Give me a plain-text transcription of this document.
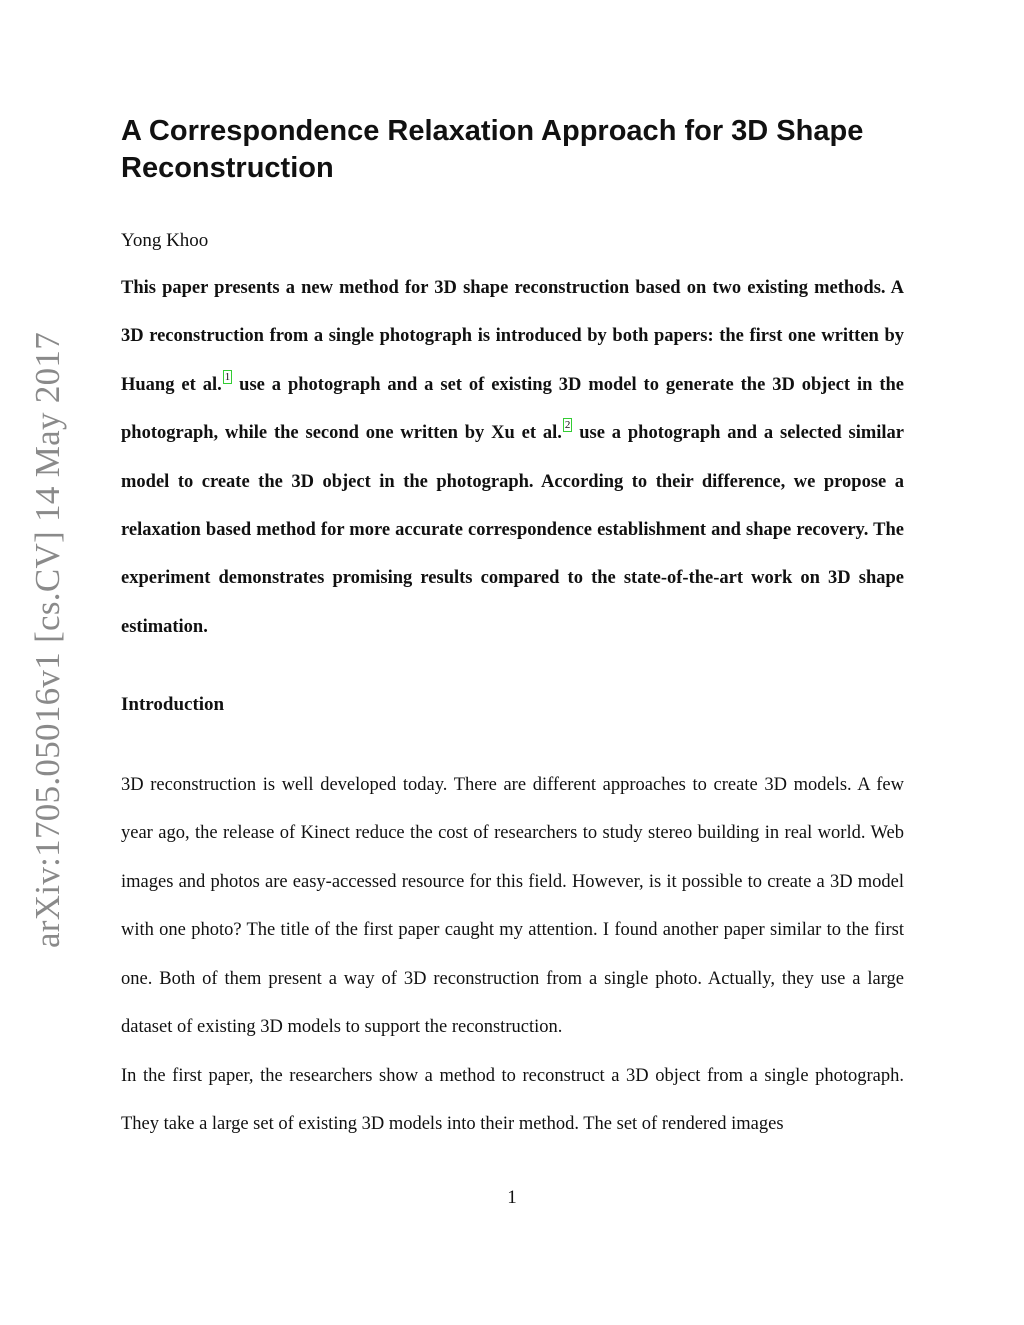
arXiv:1705.05016v1 [cs.CV] 14 May 2017
A Correspondence Relaxation Approach for 3D Shape Reconstruction
Yong Khoo

This paper presents a new method for 3D shape reconstruction based on two existing methods. A 3D reconstruction from a single photograph is introduced by both papers: the first one written by Huang et al. 1 use a photograph and a set of existing 3D model to generate the 3D object in the photograph, while the second one written by Xu et al. 2 use a photograph and a selected similar model to create the 3D object in the photograph. According to their difference, we propose a relaxation based method for more accurate correspondence establishment and shape recovery. The experiment demonstrates promising results compared to the state-of-the-art work on 3D shape estimation.

Introduction

3D reconstruction is well developed today. There are different approaches to create 3D models. A few year ago, the release of Kinect reduce the cost of researchers to study stereo building in real world. Web images and photos are easy-accessed resource for this field. However, is it possible to create a 3D model with one photo? The title of the first paper caught my attention. I found another paper similar to the first one. Both of them present a way of 3D reconstruction from a single photo. Actually, they use a large dataset of existing 3D models to support the reconstruction.

In the first paper, the researchers show a method to reconstruct a 3D object from a single photograph. They take a large set of existing 3D models into their method. The set of rendered images

1
